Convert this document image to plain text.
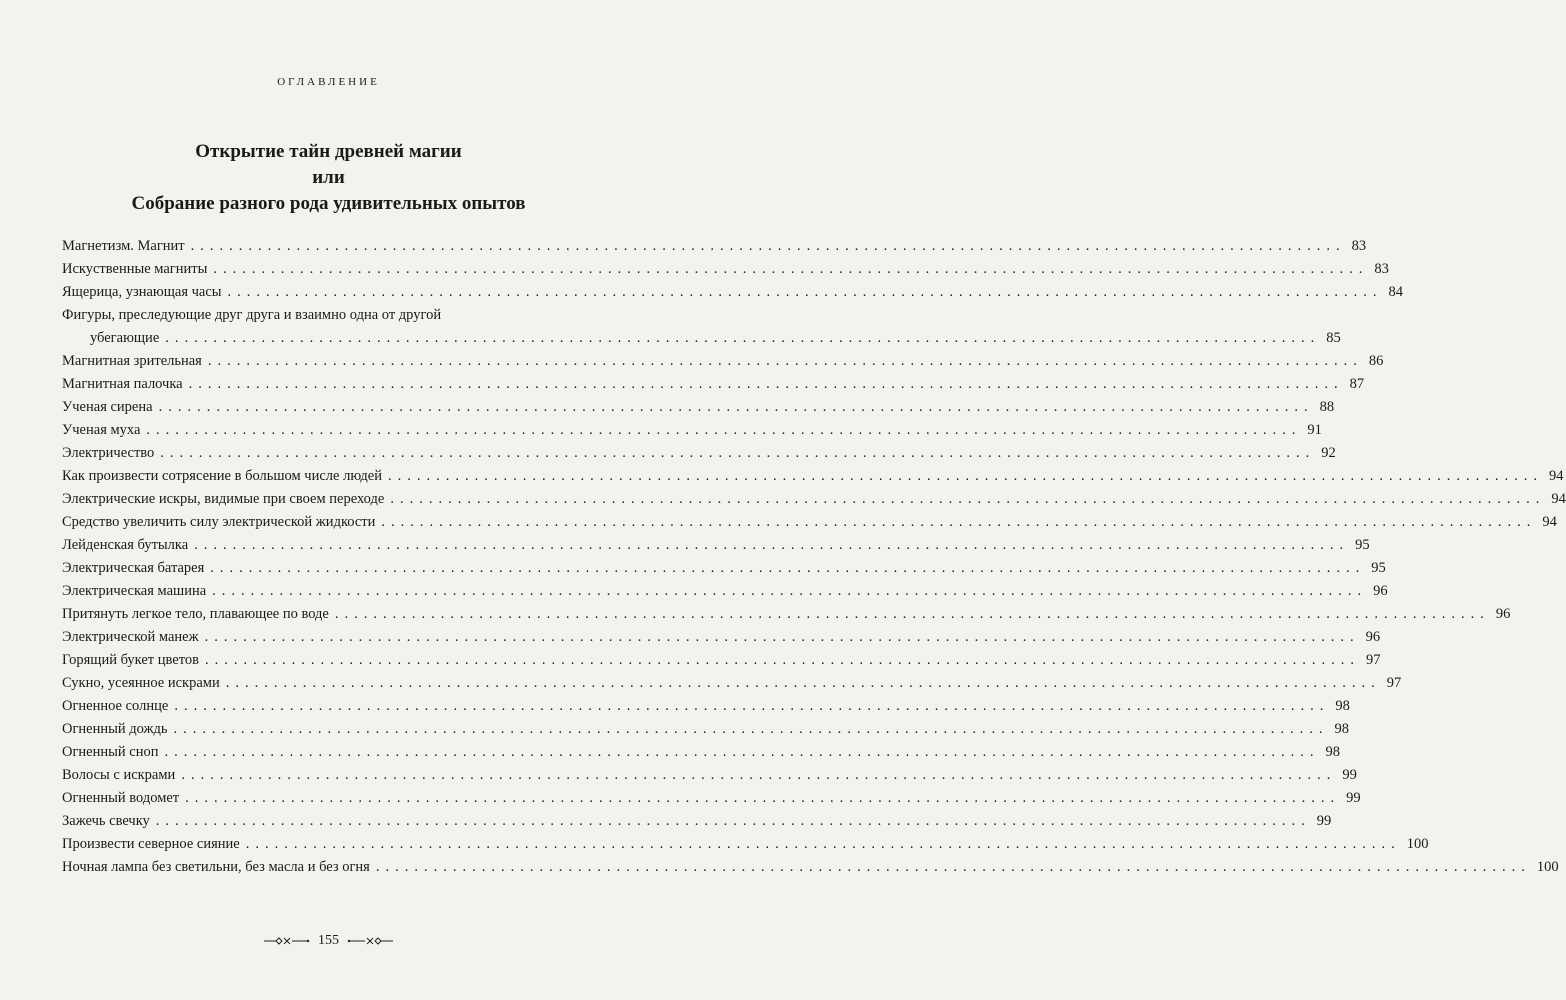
ОГЛАВЛЕНИЕ
Открытие тайн древней магии
или
Собрание разного рода удивительных опытов
Магнетизм. Магнит ........................................................................................................................ 83
Искуственные магниты ........................................................................................................................ 83
Ящерица, узнающая часы ........................................................................................................................ 84
Фигуры, преследующие друг друга и взаимно одна от другой
убегающие ........................................................................................................................ 85
Магнитная зрительная ........................................................................................................................ 86
Магнитная палочка ........................................................................................................................ 87
Ученая сирена ........................................................................................................................ 88
Ученая муха ........................................................................................................................ 91
Электричество ........................................................................................................................ 92
Как произвести сотрясение в большом числе людей ........................................................................................................................ 94
Электрические искры, видимые при своем переходе ........................................................................................................................ 94
Средство увеличить силу электрической жидкости ........................................................................................................................ 94
Лейденская бутылка ........................................................................................................................ 95
Электрическая батарея ........................................................................................................................ 95
Электрическая машина ........................................................................................................................ 96
Притянуть легкое тело, плавающее по воде ........................................................................................................................ 96
Электрической манеж ........................................................................................................................ 96
Горящий букет цветов ........................................................................................................................ 97
Сукно, усеянное искрами ........................................................................................................................ 97
Огненное солнце ........................................................................................................................ 98
Огненный дождь ........................................................................................................................ 98
Огненный сноп ........................................................................................................................ 98
Волосы с искрами ........................................................................................................................ 99
Огненный водомет ........................................................................................................................ 99
Зажечь свечку ........................................................................................................................ 99
Произвести северное сияние ........................................................................................................................ 100
Ночная лампа без светильни, без масла и без огня ........................................................................................................................ 100
155
